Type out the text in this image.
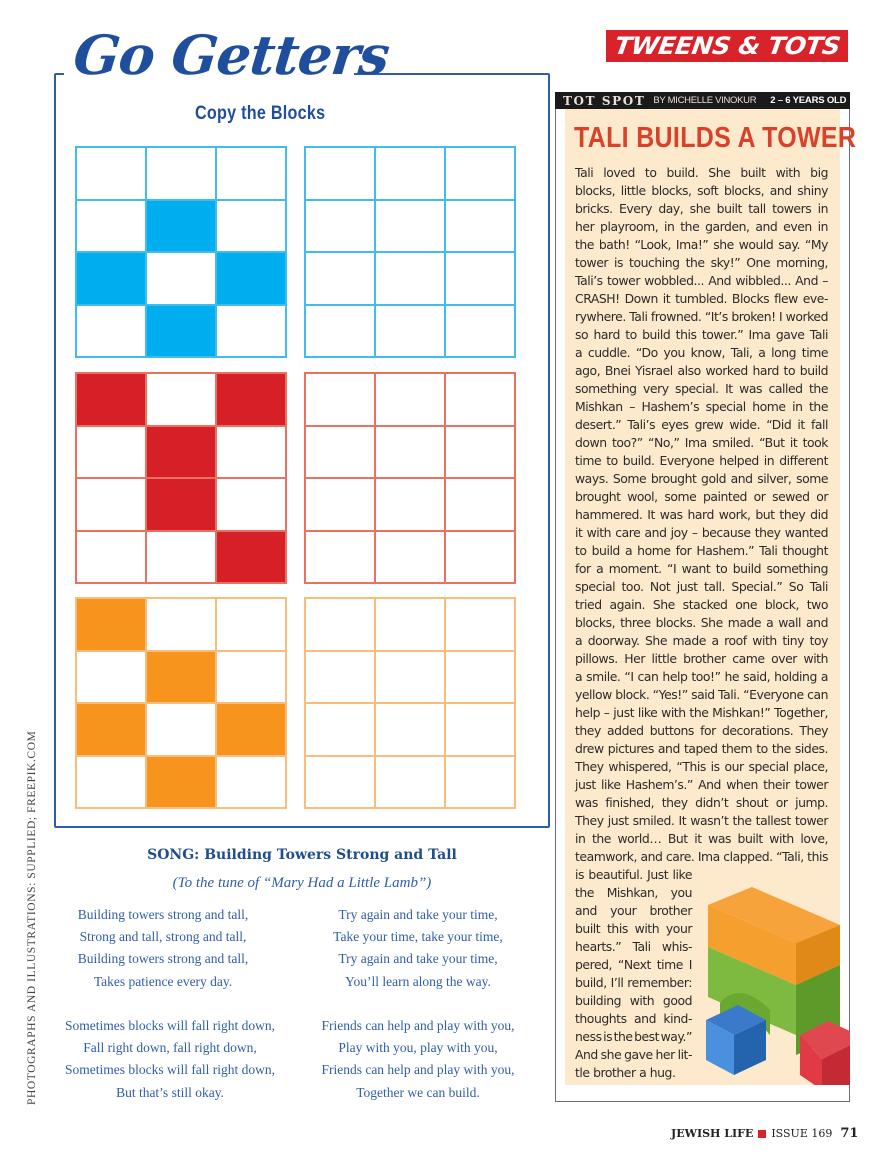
Go Getters
Copy the Blocks
PHOTOGRAPHS AND ILLUSTRATIONS: SUPPLIED; FREEPIK.COM	SONG: Building Towers Strong and Tall
(To the tune of “Mary Had a Little Lamb”)
Building towers strong and tall,
Strong and tall, strong and tall,
Building towers strong and tall,
Takes patience every day.
Try again and take your time,
Take your time, take your time,
Try again and take your time,
You’ll learn along the way.
Sometimes blocks will fall right down,
Fall right down, fall right down,
Sometimes blocks will fall right down,
But that’s still okay.
Friends can help and play with you,
Play with you, play with you,
Friends can help and play with you,
Together we can build.
TWEENS & TOTS
TOT SPOT BY MICHELLE VINOKUR 2 – 6 YEARS OLD
TALI BUILDS A TOWER
Tali loved to build. She built with big
blocks, little blocks, soft blocks, and shiny
bricks. Every day, she built tall towers in
her playroom, in the garden, and even in
the bath! “Look, Ima!” she would say. “My
tower is touching the sky!” One morning,
Tali’s tower wobbled... And wibbled... And –
CRASH! Down it tumbled. Blocks flew eve-
rywhere. Tali frowned. “It’s broken! I worked
so hard to build this tower.” Ima gave Tali
a cuddle. “Do you know, Tali, a long time
ago, Bnei Yisrael also worked hard to build
something very special. It was called the
Mishkan – Hashem’s special home in the
desert.” Tali’s eyes grew wide. “Did it fall
down too?” “No,” Ima smiled. “But it took
time to build. Everyone helped in different
ways. Some brought gold and silver, some
brought wool, some painted or sewed or
hammered. It was hard work, but they did
it with care and joy – because they wanted
to build a home for Hashem.” Tali thought
for a moment. “I want to build something
special too. Not just tall. Special.” So Tali
tried again. She stacked one block, two
blocks, three blocks. She made a wall and
a doorway. She made a roof with tiny toy
pillows. Her little brother came over with
a smile. “I can help too!” he said, holding a
yellow block. “Yes!” said Tali. “Everyone can
help – just like with the Mishkan!” Together,
they added buttons for decorations. They
drew pictures and taped them to the sides.
They whispered, “This is our special place,
just like Hashem’s.” And when their tower
was finished, they didn’t shout or jump.
They just smiled. It wasn’t the tallest tower
in the world… But it was built with love,
teamwork, and care. Ima clapped. “Tali, this
is beautiful. Just like
the Mishkan, you
and your brother
built this with your
hearts.” Tali whis-
pered, “Next time I
build, I’ll remember:
building with good
thoughts and kind-
ness is the best way.”
And she gave her lit-
tle brother a hug.
JEWISH LIFE ISSUE 169 71
